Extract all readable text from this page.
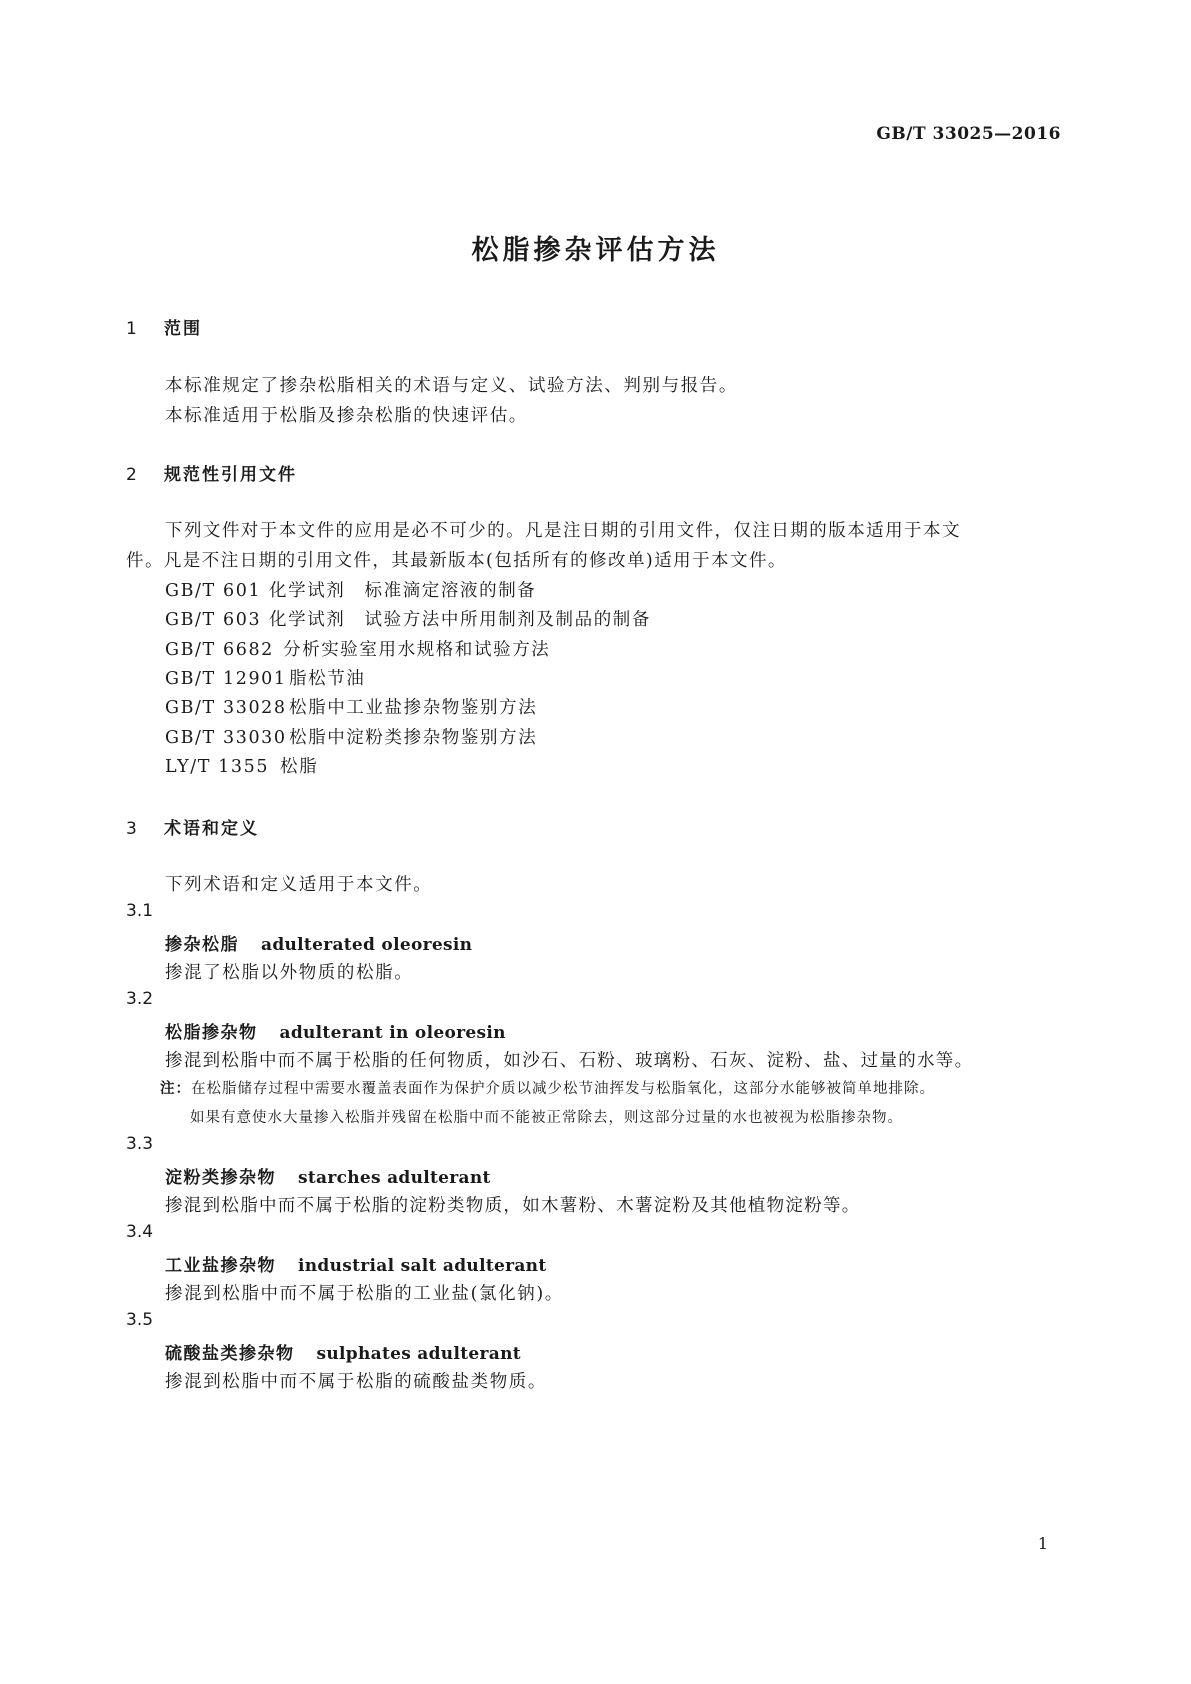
GB/T 33025—2016
松脂掺杂评估方法
1 范围
本标准规定了掺杂松脂相关的术语与定义、试验方法、判别与报告。
本标准适用于松脂及掺杂松脂的快速评估。
2 规范性引用文件
下列文件对于本文件的应用是必不可少的。凡是注日期的引用文件，仅注日期的版本适用于本文
件。凡是不注日期的引用文件，其最新版本(包括所有的修改单)适用于本文件。
GB/T 601 化学试剂　标准滴定溶液的制备
GB/T 603 化学试剂　试验方法中所用制剂及制品的制备
GB/T 6682 分析实验室用水规格和试验方法
GB/T 12901 脂松节油
GB/T 33028 松脂中工业盐掺杂物鉴别方法
GB/T 33030 松脂中淀粉类掺杂物鉴别方法
LY/T 1355 松脂
3 术语和定义
下列术语和定义适用于本文件。
3.1
掺杂松脂 adulterated oleoresin
掺混了松脂以外物质的松脂。
3.2
松脂掺杂物 adulterant in oleoresin
掺混到松脂中而不属于松脂的任何物质，如沙石、石粉、玻璃粉、石灰、淀粉、盐、过量的水等。
注：在松脂储存过程中需要水覆盖表面作为保护介质以减少松节油挥发与松脂氧化，这部分水能够被简单地排除。
如果有意使水大量掺入松脂并残留在松脂中而不能被正常除去，则这部分过量的水也被视为松脂掺杂物。
3.3
淀粉类掺杂物 starches adulterant
掺混到松脂中而不属于松脂的淀粉类物质，如木薯粉、木薯淀粉及其他植物淀粉等。
3.4
工业盐掺杂物 industrial salt adulterant
掺混到松脂中而不属于松脂的工业盐(氯化钠)。
3.5
硫酸盐类掺杂物 sulphates adulterant
掺混到松脂中而不属于松脂的硫酸盐类物质。
1
